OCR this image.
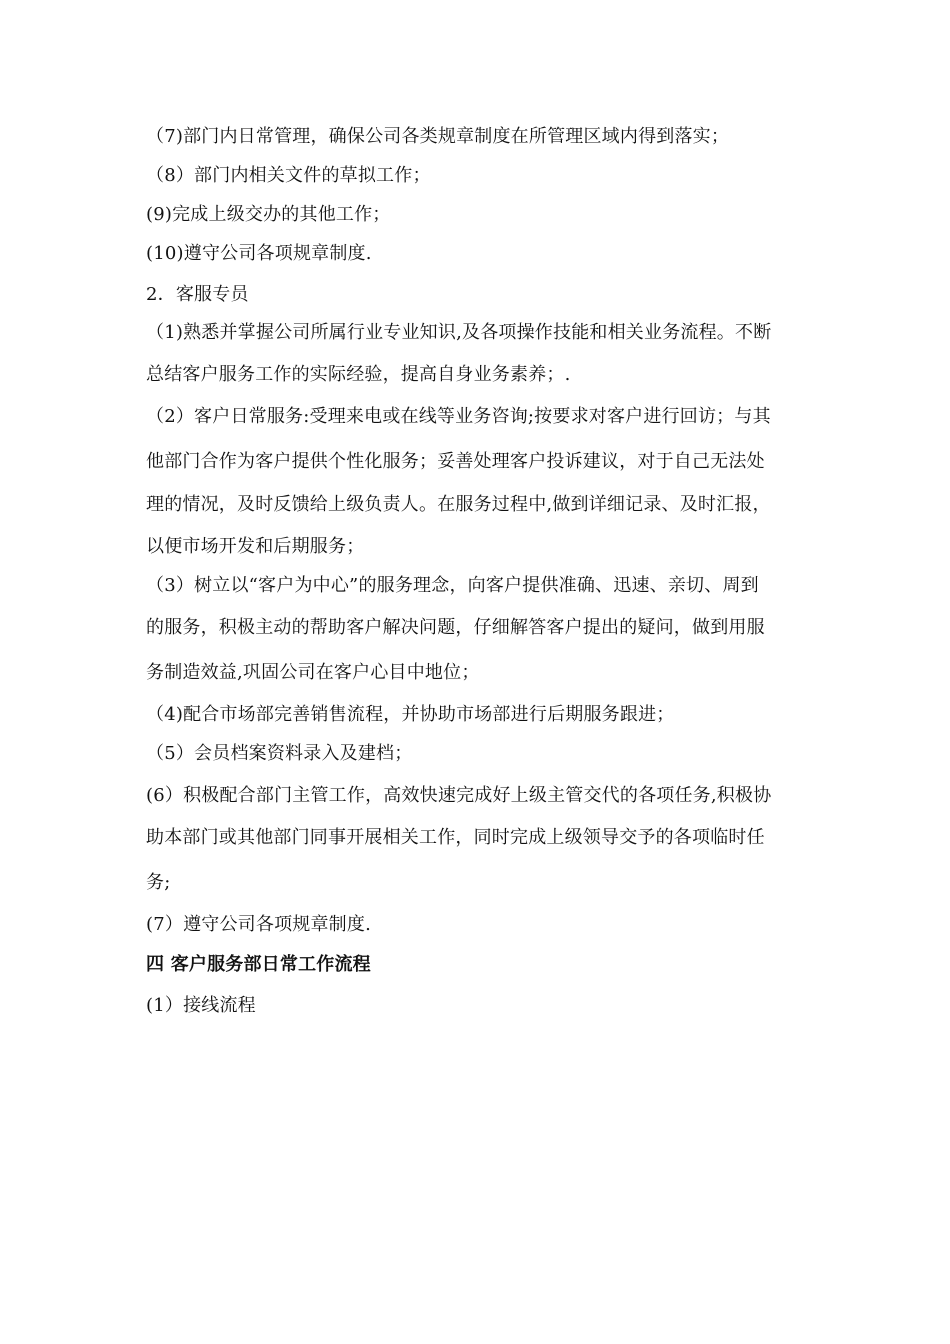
（7)部门内日常管理，确保公司各类规章制度在所管理区域内得到落实；
（8）部门内相关文件的草拟工作；
(9)完成上级交办的其他工作；
(10)遵守公司各项规章制度.
2．客服专员
（1)熟悉并掌握公司所属行业专业知识,及各项操作技能和相关业务流程。不断
总结客户服务工作的实际经验，提高自身业务素养；.
（2）客户日常服务:受理来电或在线等业务咨询;按要求对客户进行回访；与其
他部门合作为客户提供个性化服务；妥善处理客户投诉建议，对于自己无法处
理的情况，及时反馈给上级负责人。在服务过程中,做到详细记录、及时汇报，
以便市场开发和后期服务；
（3）树立以“客户为中心”的服务理念，向客户提供准确、迅速、亲切、周到
的服务，积极主动的帮助客户解决问题，仔细解答客户提出的疑问，做到用服
务制造效益,巩固公司在客户心目中地位；
（4)配合市场部完善销售流程，并协助市场部进行后期服务跟进；
（5）会员档案资料录入及建档；
(6）积极配合部门主管工作，高效快速完成好上级主管交代的各项任务,积极协
助本部门或其他部门同事开展相关工作，同时完成上级领导交予的各项临时任
务;
(7）遵守公司各项规章制度.
四 客户服务部日常工作流程
(1）接线流程
